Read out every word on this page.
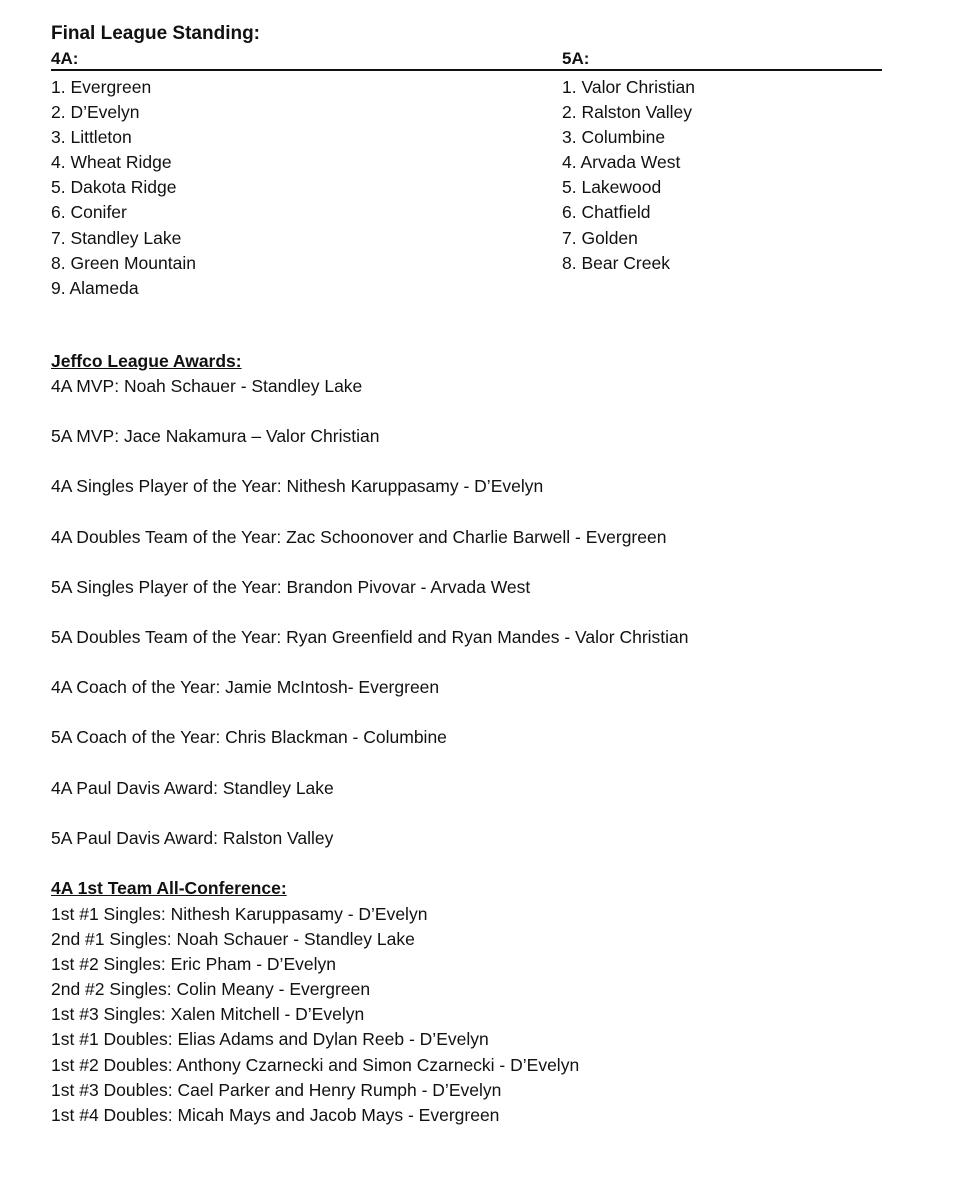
Final League Standing:
4A:	5A:
1. Evergreen
2. D’Evelyn
3. Littleton
4. Wheat Ridge
5. Dakota Ridge
6. Conifer
7. Standley Lake
8. Green Mountain
9. Alameda
1. Valor Christian
2. Ralston Valley
3. Columbine
4. Arvada West
5. Lakewood
6. Chatfield
7. Golden
8. Bear Creek
Jeffco League Awards:
4A MVP: Noah Schauer - Standley Lake
5A MVP: Jace Nakamura – Valor Christian
4A Singles Player of the Year: Nithesh Karuppasamy - D’Evelyn
4A Doubles Team of the Year: Zac Schoonover and Charlie Barwell - Evergreen
5A Singles Player of the Year: Brandon Pivovar - Arvada West
5A Doubles Team of the Year: Ryan Greenfield and Ryan Mandes - Valor Christian
4A Coach of the Year: Jamie McIntosh- Evergreen
5A Coach of the Year: Chris Blackman - Columbine
4A Paul Davis Award: Standley Lake
5A Paul Davis Award: Ralston Valley
4A 1st Team All-Conference:
1st #1 Singles: Nithesh Karuppasamy - D’Evelyn
2nd #1 Singles: Noah Schauer - Standley Lake
1st #2 Singles: Eric Pham - D’Evelyn
2nd #2 Singles: Colin Meany - Evergreen
1st #3 Singles: Xalen Mitchell - D’Evelyn
1st #1 Doubles: Elias Adams and Dylan Reeb - D’Evelyn
1st #2 Doubles: Anthony Czarnecki and Simon Czarnecki - D’Evelyn
1st #3 Doubles: Cael Parker and Henry Rumph - D’Evelyn
1st #4 Doubles: Micah Mays and Jacob Mays - Evergreen
